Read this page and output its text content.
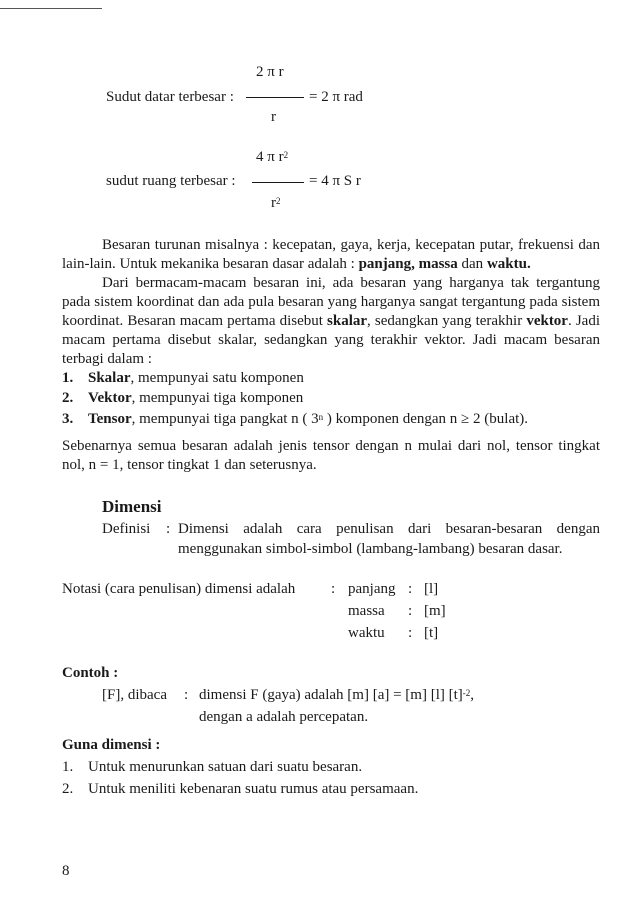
Sudut datar terbesar :
2 π r
r
= 2 π rad
sudut ruang terbesar :
4 π $r^2$
$r^2$
= 4 π S r

Besaran turunan misalnya : kecepatan, gaya, kerja, kecepatan putar, frekuensi dan lain-lain. Untuk mekanika besaran dasar adalah : panjang, massa dan waktu.

Dari bermacam-macam besaran ini, ada besaran yang harganya tak tergantung pada sistem koordinat dan ada pula besaran yang harganya sangat tergantung pada sistem koordinat. Besaran macam pertama disebut skalar, sedangkan yang terakhir vektor. Jadi macam pertama disebut skalar, sedangkan yang terakhir vektor. Jadi macam besaran terbagi dalam :

1. Skalar, mempunyai satu komponen
2. Vektor, mempunyai tiga komponen
3. Tensor, mempunyai tiga pangkat n ( 3$^n$ ) komponen dengan n ≥ 2 (bulat).

Sebenarnya semua besaran adalah jenis tensor dengan n mulai dari nol, tensor tingkat nol, n = 1, tensor tingkat 1 dan seterusnya.

Dimensi
Definisi : Dimensi adalah cara penulisan dari besaran-besaran dengan
menggunakan simbol-simbol (lambang-lambang) besaran dasar.
Notasi (cara penulisan) dimensi adalah : panjang : [l]
massa : [m]
waktu : [t]
Contoh :
[F], dibaca : dimensi F (gaya) adalah [m] [a] = [m] [l] $[t]^{-2}$,
dengan a adalah percepatan.
Guna dimensi :
1. Untuk menurunkan satuan dari suatu besaran.
2. Untuk meniliti kebenaran suatu rumus atau persamaan.
8
